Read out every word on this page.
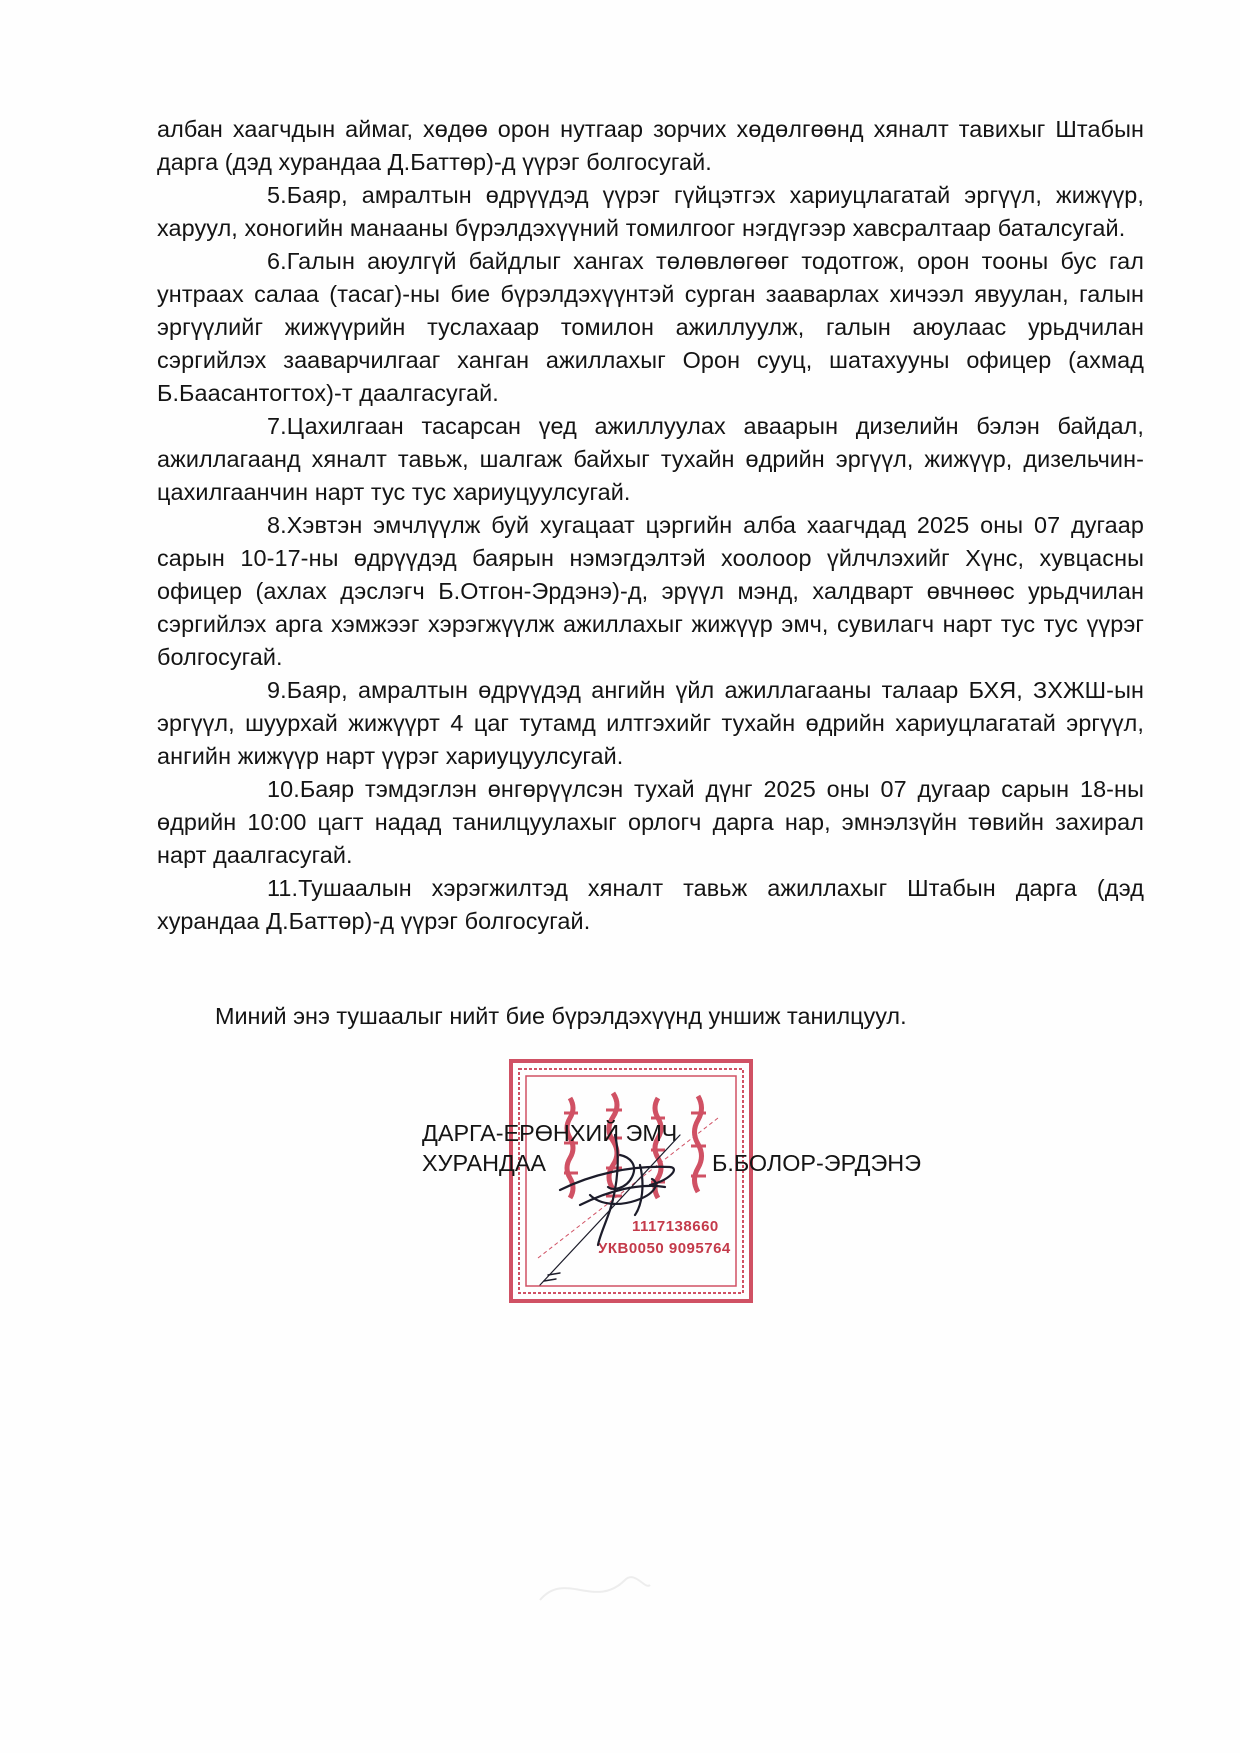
албан хаагчдын аймаг, хөдөө орон нутгаар зорчих хөдөлгөөнд хяналт тавихыг Штабын дарга (дэд хурандаа Д.Баттөр)-д үүрэг болгосугай.

5.Баяр, амралтын өдрүүдэд үүрэг гүйцэтгэх хариуцлагатай эргүүл, жижүүр, харуул, хоногийн манааны бүрэлдэхүүний томилгоог нэгдүгээр хавсралтаар баталсугай.

6.Галын аюулгүй байдлыг хангах төлөвлөгөөг тодотгож, орон тооны бус гал унтраах салаа (тасаг)-ны бие бүрэлдэхүүнтэй сурган зааварлах хичээл явуулан, галын эргүүлийг жижүүрийн туслахаар томилон ажиллуулж, галын аюулаас урьдчилан сэргийлэх зааварчилгааг ханган ажиллахыг Орон сууц, шатахууны офицер (ахмад Б.Баасантогтох)-т даалгасугай.

7.Цахилгаан тасарсан үед ажиллуулах аваарын дизелийн бэлэн байдал, ажиллагаанд хяналт тавьж, шалгаж байхыг тухайн өдрийн эргүүл, жижүүр, дизельчин-цахилгаанчин нарт тус тус хариуцуулсугай.

8.Хэвтэн эмчлүүлж буй хугацаат цэргийн алба хаагчдад 2025 оны 07 дугаар сарын 10-17-ны өдрүүдэд баярын нэмэгдэлтэй хоолоор үйлчлэхийг Хүнс, хувцасны офицер (ахлах дэслэгч Б.Отгон-Эрдэнэ)-д, эрүүл мэнд, халдварт өвчнөөс урьдчилан сэргийлэх арга хэмжээг хэрэгжүүлж ажиллахыг жижүүр эмч, сувилагч нарт тус тус үүрэг болгосугай.

9.Баяр, амралтын өдрүүдэд ангийн үйл ажиллагааны талаар БХЯ, ЗХЖШ-ын эргүүл, шуурхай жижүүрт 4 цаг тутамд илтгэхийг тухайн өдрийн хариуцлагатай эргүүл, ангийн жижүүр нарт үүрэг хариуцуулсугай.

10.Баяр тэмдэглэн өнгөрүүлсэн тухай дүнг 2025 оны 07 дугаар сарын 18-ны өдрийн 10:00 цагт надад танилцуулахыг орлогч дарга нар, эмнэлзүйн төвийн захирал нарт даалгасугай.

11.Тушаалын хэрэгжилтэд хяналт тавьж ажиллахыг Штабын дарга (дэд хурандаа Д.Баттөр)-д үүрэг болгосугай.

Миний энэ тушаалыг нийт бие бүрэлдэхүүнд уншиж танилцуул.
1117138660
УКВ0050 9095764
ДАРГА-ЕРӨНХИЙ ЭМЧ
ХУРАНДАА	Б.БОЛОР-ЭРДЭНЭ
